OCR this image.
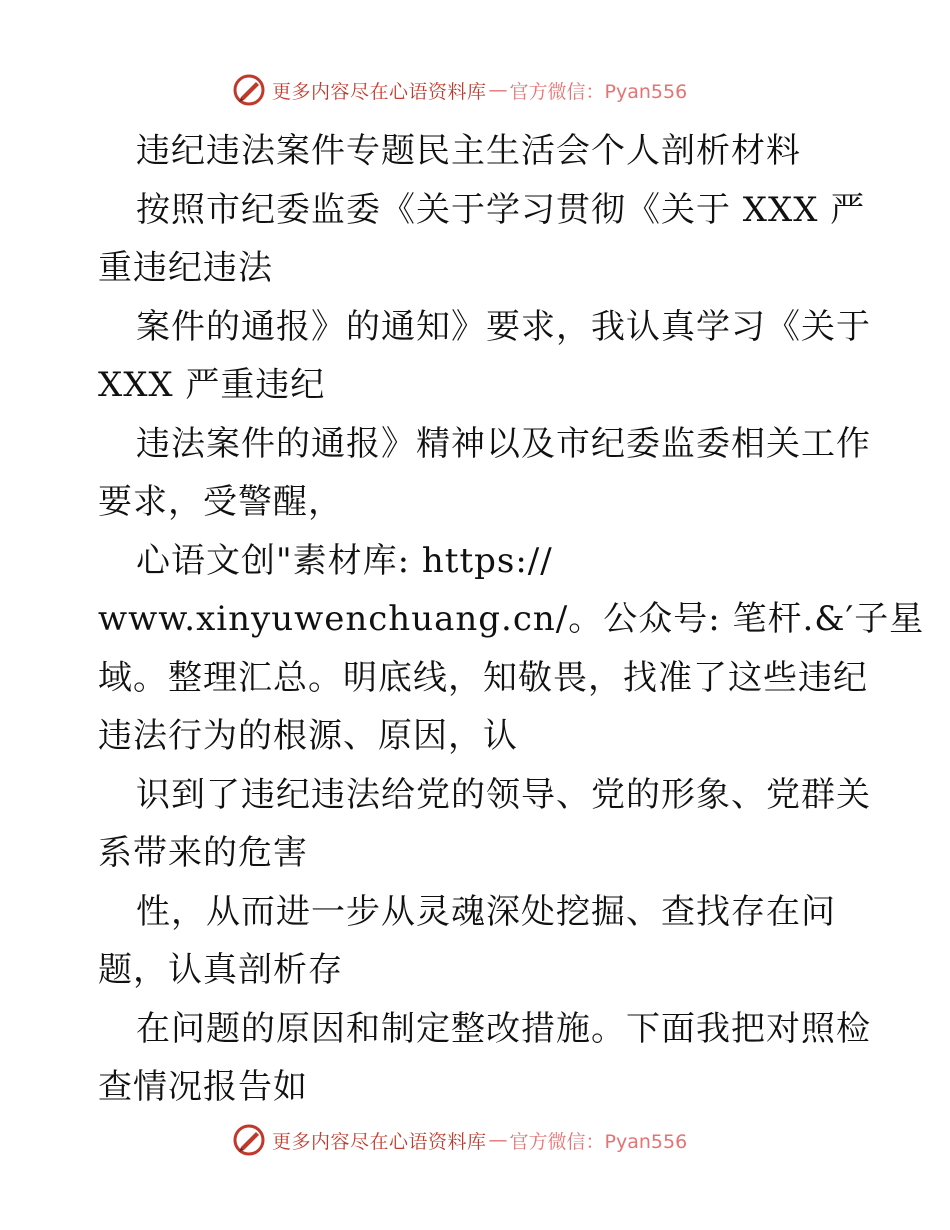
更多内容尽在心语资料库 — 官方微信：Pyan556
违纪违法案件专题民主生活会个人剖析材料
按照市纪委监委《关于学习贯彻《关于 XXX 严
重违纪违法
案件的通报》的通知》要求，我认真学习《关于
XXX 严重违纪
违法案件的通报》精神以及市纪委监委相关工作
要求，受警醒，
心语文创"素材库: https://
www.xinyuwenchuang.cn/。公众号: 笔杆.&′子星
域。整理汇总。明底线，知敬畏，找准了这些违纪
违法行为的根源、原因，认
识到了违纪违法给党的领导、党的形象、党群关
系带来的危害
性，从而进一步从灵魂深处挖掘、查找存在问
题，认真剖析存
在问题的原因和制定整改措施。下面我把对照检
查情况报告如
更多内容尽在心语资料库 — 官方微信：Pyan556
